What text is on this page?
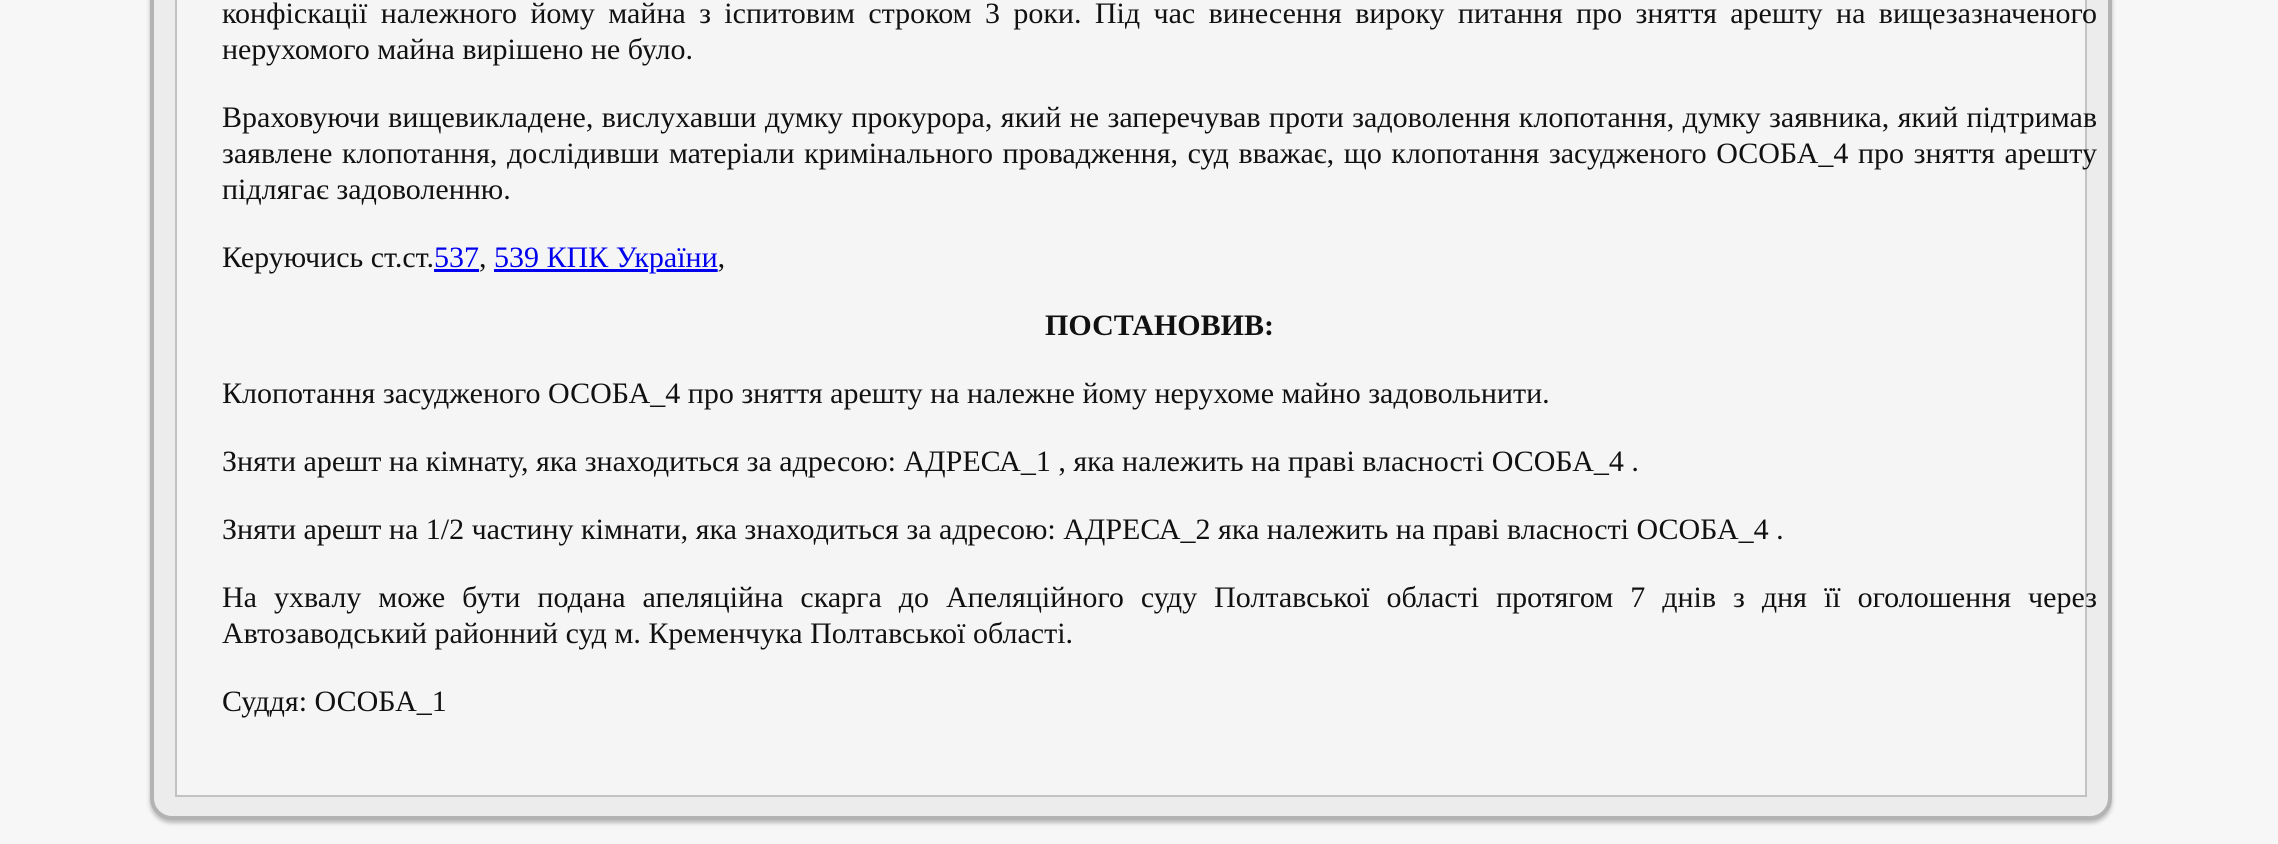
конфіскації належного йому майна з іспитовим строком 3 роки. Під час винесення вироку питання про зняття арешту на вищезазначеного нерухомого майна вирішено не було.

Враховуючи вищевикладене, вислухавши думку прокурора, який не заперечував проти задоволення клопотання, думку заявника, який підтримав заявлене клопотання, дослідивши матеріали кримінального провадження, суд вважає, що клопотання засудженого ОСОБА_4 про зняття арешту підлягає задоволенню.

Керуючись ст.ст.537, 539 КПК України,

ПОСТАНОВИВ:

Клопотання засудженого ОСОБА_4 про зняття арешту на належне йому нерухоме майно задовольнити.

Зняти арешт на кімнату, яка знаходиться за адресою: АДРЕСА_1 , яка належить на праві власності ОСОБА_4 .

Зняти арешт на 1/2 частину кімнати, яка знаходиться за адресою: АДРЕСА_2 яка належить на праві власності ОСОБА_4 .

На ухвалу може бути подана апеляційна скарга до Апеляційного суду Полтавської області протягом 7 днів з дня її оголошення через Автозаводський районний суд м. Кременчука Полтавської області.

Суддя: ОСОБА_1
